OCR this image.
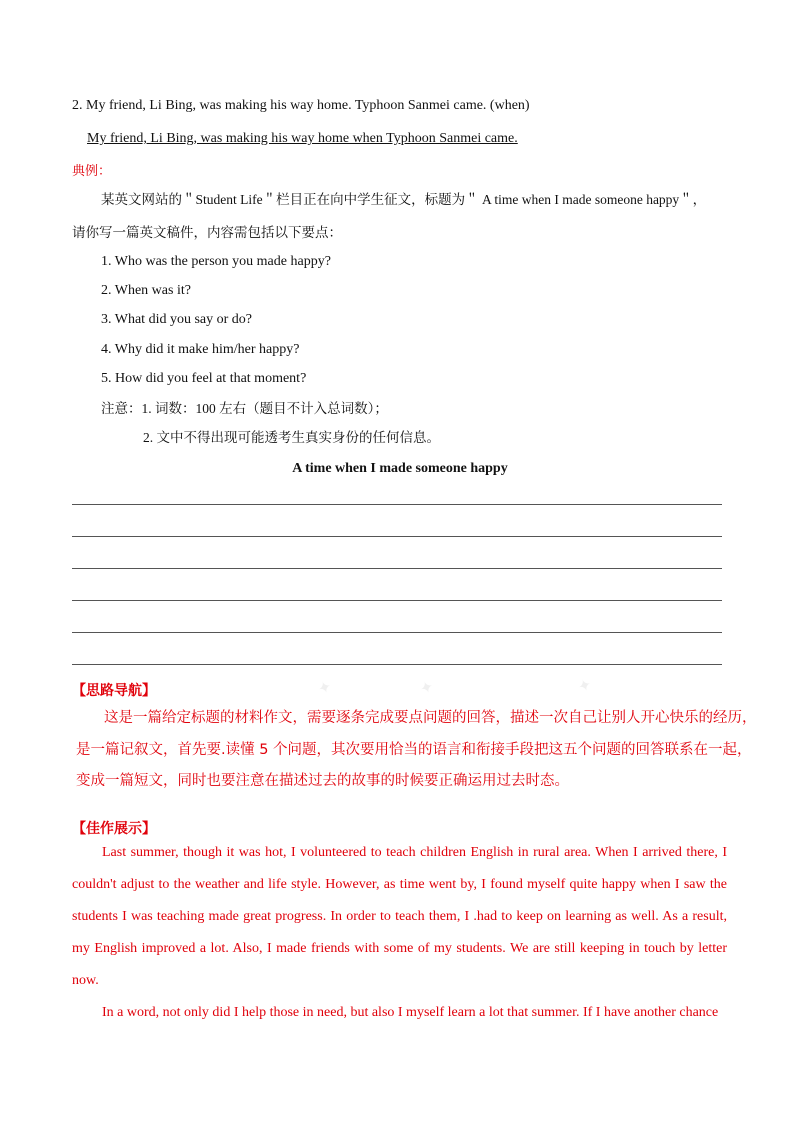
2. My friend, Li Bing, was making his way home. Typhoon Sanmei came. (when)
My friend, Li Bing, was making his way home when Typhoon Sanmei came.
典例：
某英文网站的＂Student Life＂栏目正在向中学生征文，标题为＂ A time when I made someone happy＂，
请你写一篇英文稿件，内容需包括以下要点：
1. Who was the person you made happy?
2. When was it?
3. What did you say or do?
4. Why did it make him/her happy?
5. How did you feel at that moment?
注意：1. 词数：100 左右（题目不计入总词数）；
2. 文中不得出现可能透考生真实身份的任何信息。
A time when I made someone happy
✦	✦	✦
【思路导航】
这是一篇给定标题的材料作文，需要逐条完成要点问题的回答，描述一次自己让别人开心快乐的经历，
是一篇记叙文，首先要.读懂 5 个问题，其次要用恰当的语言和衔接手段把这五个问题的回答联系在一起，
变成一篇短文，同时也要注意在描述过去的故事的时候要正确运用过去时态。
【佳作展示】

Last summer, though it was hot, I volunteered to teach children English in rural area. When I arrived there, I couldn't adjust to the weather and life style. However, as time went by, I found myself quite happy when I saw the students I was teaching made great progress. In order to teach them, I .had to keep on learning as well. As a result, my English improved a lot. Also, I made friends with some of my students. We are still keeping in touch by letter now.

In a word, not only did I help those in need, but also I myself learn a lot that summer. If I have another chance
